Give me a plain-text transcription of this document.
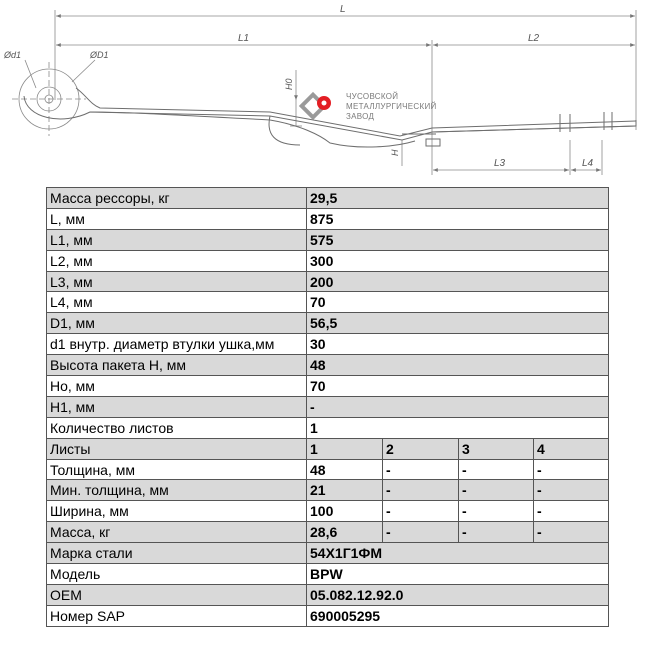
L
L1	L2
L3	L4
H0
H
Ød1	ØD1
ЧУСОВСКОЙ
МЕТАЛЛУРГИЧЕСКИЙ
ЗАВОД
Масса рессоры, кг	29,5			
L, мм	875			
L1, мм	575			
L2, мм	300			
L3, мм	200			
L4, мм	70			
D1, мм	56,5			
d1 внутр. диаметр втулки ушка,мм	30			
Высота пакета Н, мм	48			
Но, мм	70			
Н1, мм	-			
Количество листов	1			
Листы	1	2	3	4
Толщина, мм	48	-	-	-
Мин. толщина, мм	21	-	-	-
Ширина, мм	100	-	-	-
Масса, кг	28,6	-	-	-
Марка стали	54Х1Г1ФМ			
Модель	BPW			
OEM	05.082.12.92.0			
Номер SAP	690005295			
